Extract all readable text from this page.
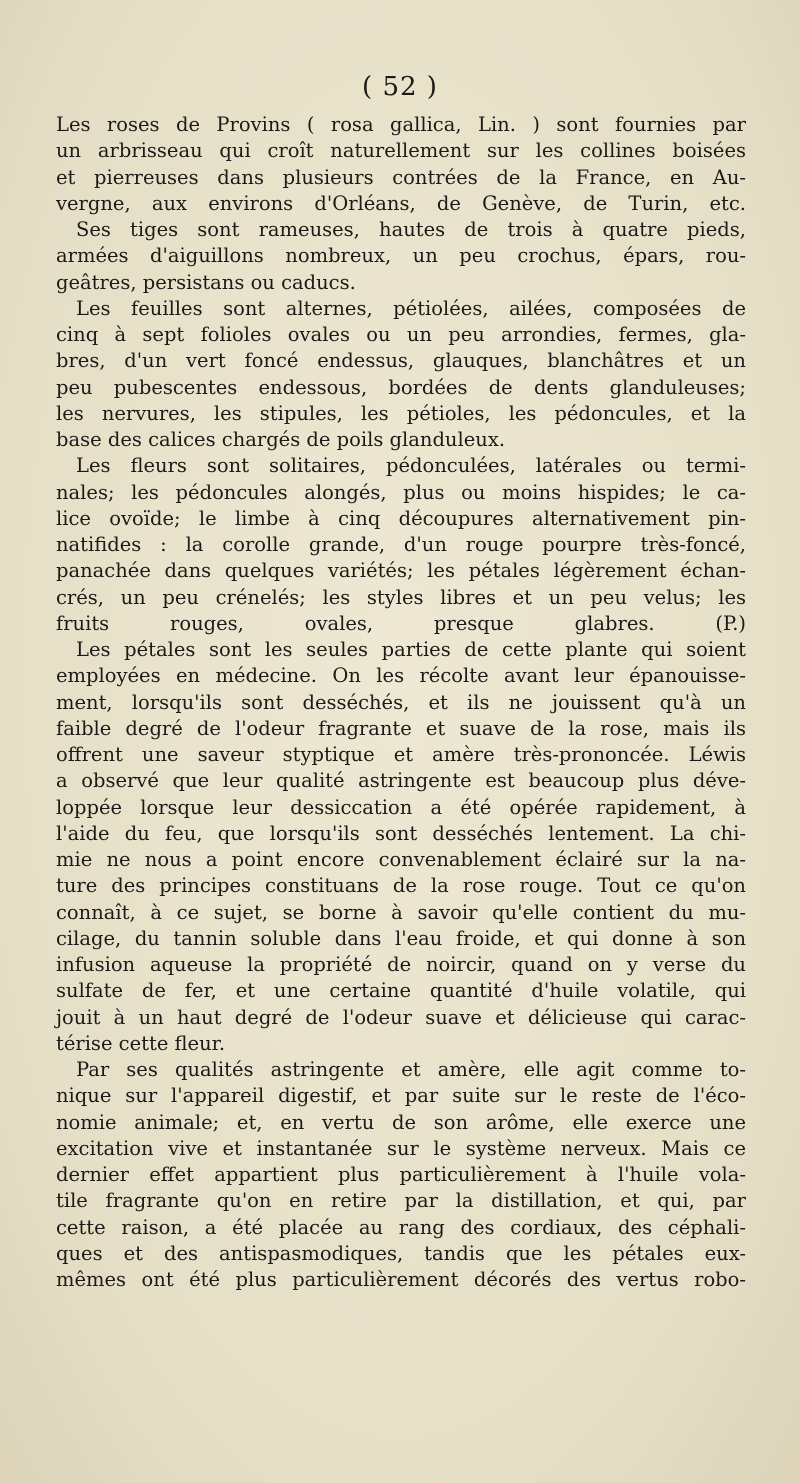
( 52 )
Les roses de Provins ( rosa gallica, Lin. ) sont fournies par
un arbrisseau qui croît naturellement sur les collines boisées
et pierreuses dans plusieurs contrées de la France, en Au-
vergne, aux environs d'Orléans, de Genève, de Turin, etc.
Ses tiges sont rameuses, hautes de trois à quatre pieds,
armées d'aiguillons nombreux, un peu crochus, épars, rou-
geâtres, persistans ou caducs.
Les feuilles sont alternes, pétiolées, ailées, composées de
cinq à sept folioles ovales ou un peu arrondies, fermes, gla-
bres, d'un vert foncé endessus, glauques, blanchâtres et un
peu pubescentes endessous, bordées de dents glanduleuses;
les nervures, les stipules, les pétioles, les pédoncules, et la
base des calices chargés de poils glanduleux.
Les fleurs sont solitaires, pédonculées, latérales ou termi-
nales; les pédoncules alongés, plus ou moins hispides; le ca-
lice ovoïde; le limbe à cinq découpures alternativement pin-
natifides : la corolle grande, d'un rouge pourpre très-foncé,
panachée dans quelques variétés; les pétales légèrement échan-
crés, un peu crénelés; les styles libres et un peu velus; les
fruits rouges, ovales, presque glabres. (P.)
Les pétales sont les seules parties de cette plante qui soient
employées en médecine. On les récolte avant leur épanouisse-
ment, lorsqu'ils sont desséchés, et ils ne jouissent qu'à un
faible degré de l'odeur fragrante et suave de la rose, mais ils
offrent une saveur styptique et amère très-prononcée. Léwis
a observé que leur qualité astringente est beaucoup plus déve-
loppée lorsque leur dessiccation a été opérée rapidement, à
l'aide du feu, que lorsqu'ils sont desséchés lentement. La chi-
mie ne nous a point encore convenablement éclairé sur la na-
ture des principes constituans de la rose rouge. Tout ce qu'on
connaît, à ce sujet, se borne à savoir qu'elle contient du mu-
cilage, du tannin soluble dans l'eau froide, et qui donne à son
infusion aqueuse la propriété de noircir, quand on y verse du
sulfate de fer, et une certaine quantité d'huile volatile, qui
jouit à un haut degré de l'odeur suave et délicieuse qui carac-
térise cette fleur.
Par ses qualités astringente et amère, elle agit comme to-
nique sur l'appareil digestif, et par suite sur le reste de l'éco-
nomie animale; et, en vertu de son arôme, elle exerce une
excitation vive et instantanée sur le système nerveux. Mais ce
dernier effet appartient plus particulièrement à l'huile vola-
tile fragrante qu'on en retire par la distillation, et qui, par
cette raison, a été placée au rang des cordiaux, des céphali-
ques et des antispasmodiques, tandis que les pétales eux-
mêmes ont été plus particulièrement décorés des vertus robo-
